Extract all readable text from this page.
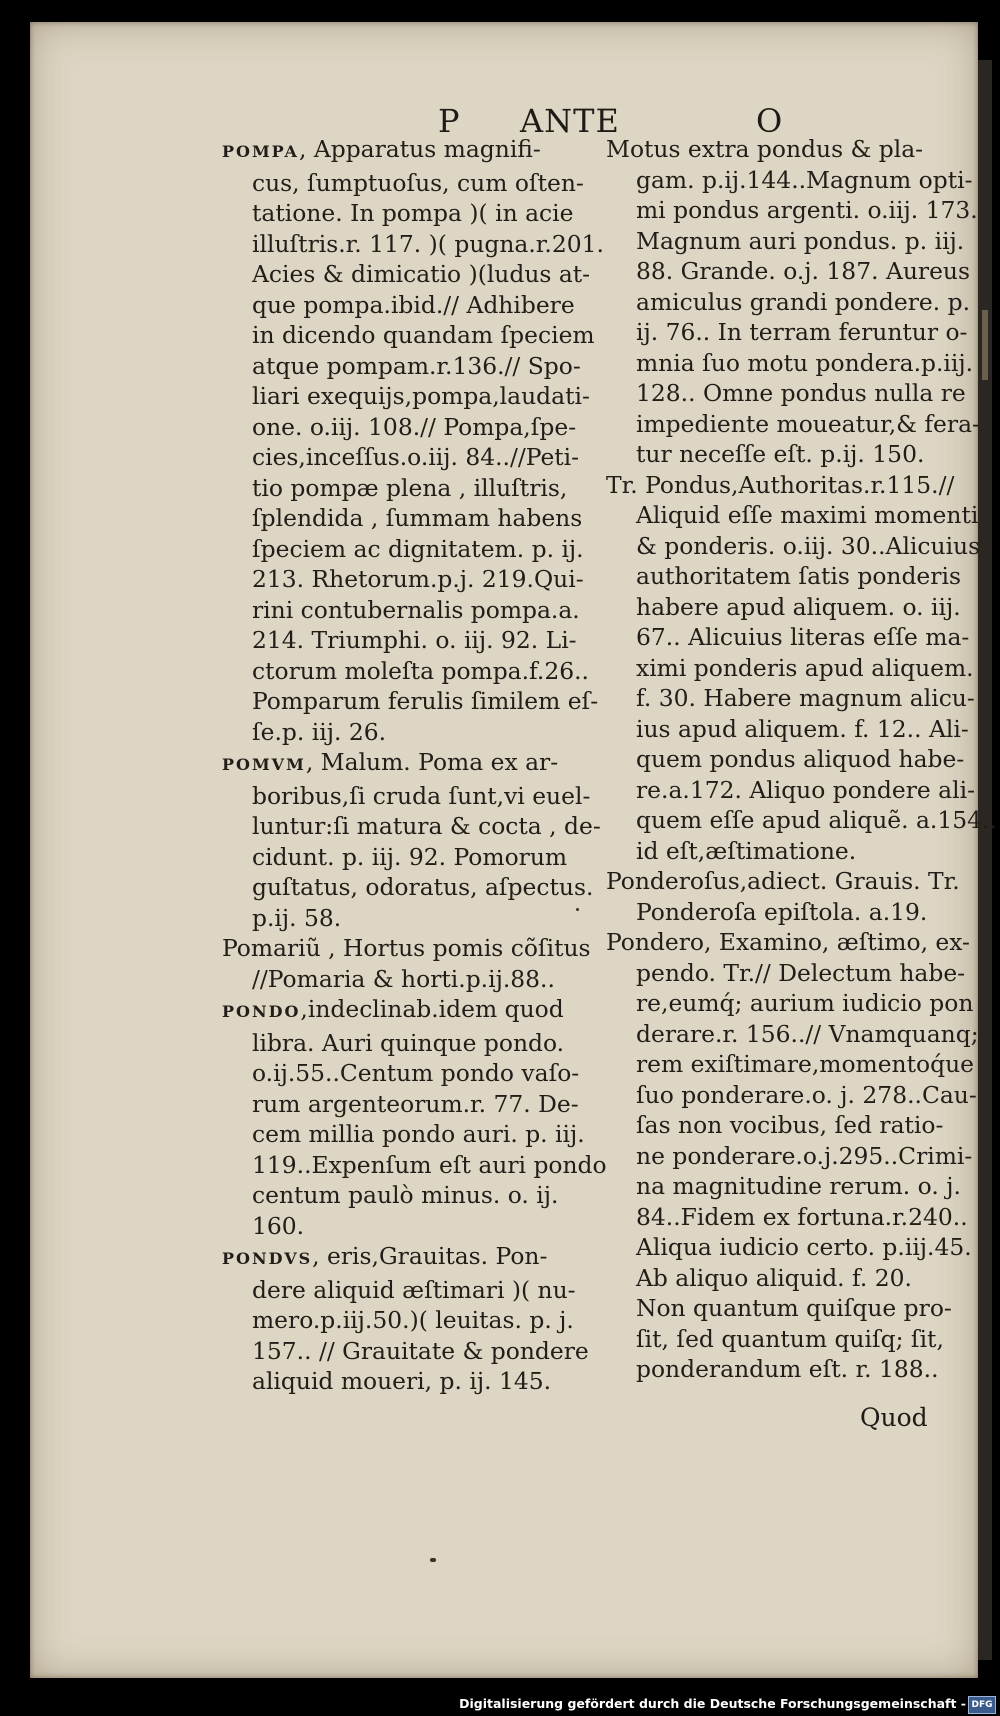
P ANTE	O
POMPA, Apparatus magnifi-
cus, ſumptuoſus, cum oſten-
tatione. In pompa )( in acie
illuſtris.r. 117. )( pugna.r.201.
Acies & dimicatio )(ludus at-
que pompa.ibid.// Adhibere
in dicendo quandam ſpeciem
atque pompam.r.136.// Spo-
liari exequijs,pompa,laudati-
one. o.iij. 108.// Pompa,ſpe-
cies,inceſſus.o.iij. 84..//Peti-
tio pompæ plena , illuſtris,
ſplendida , ſummam habens
ſpeciem ac dignitatem. p. ij.
213. Rhetorum.p.j. 219.Qui-
rini contubernalis pompa.a.
214. Triumphi. o. iij. 92. Li-
ctorum moleſta pompa.f.26..
Pomparum ferulis ſimilem eſ-
ſe.p. iij. 26.
POMVM, Malum. Poma ex ar-
boribus,ſi cruda ſunt,vi euel-
luntur:ſi matura & cocta , de-
cidunt. p. iij. 92. Pomorum
guſtatus, odoratus, aſpectus.
p.ij. 58.
Pomariũ , Hortus pomis cõſitus
//Pomaria & horti.p.ij.88..
PONDO,indeclinab.idem quod
libra. Auri quinque pondo.
o.ij.55..Centum pondo vaſo-
rum argenteorum.r. 77. De-
cem millia pondo auri. p. iij.
119..Expenſum eſt auri pondo
centum paulò minus. o. ij.
160.
PONDVS, eris,Grauitas. Pon-
dere aliquid æſtimari )( nu-
mero.p.iij.50.)( leuitas. p. j.
157.. // Grauitate & pondere
aliquid moueri, p. ij. 145.
Motus extra pondus & pla-
gam. p.ij.144..Magnum opti-
mi pondus argenti. o.iij. 173.
Magnum auri pondus. p. iij.
88. Grande. o.j. 187. Aureus
amiculus grandi pondere. p.
ij. 76.. In terram feruntur o-
mnia ſuo motu pondera.p.iij.
128.. Omne pondus nulla re
impediente moueatur,& fera-
tur neceſſe eſt. p.ij. 150.
Tr. Pondus,Authoritas.r.115.//
Aliquid eſſe maximi momenti
& ponderis. o.iij. 30..Alicuius
authoritatem ſatis ponderis
habere apud aliquem. o. iij.
67.. Alicuius literas eſſe ma-
ximi ponderis apud aliquem.
f. 30. Habere magnum alicu-
ius apud aliquem. f. 12.. Ali-
quem pondus aliquod habe-
re.a.172. Aliquo pondere ali-
quem eſſe apud aliquẽ. a.154..
id eſt,æſtimatione.
Ponderoſus,adiect. Grauis. Tr.
Ponderoſa epiſtola. a.19.
Pondero, Examino, æſtimo, ex-
pendo. Tr.// Delectum habe-
re,eumq́; aurium iudicio pon
derare.r. 156..// Vnamquanq;
rem exiſtimare,momentoq́ue
ſuo ponderare.o. j. 278..Cau-
ſas non vocibus, ſed ratio-
ne ponderare.o.j.295..Crimi-
na magnitudine rerum. o. j.
84..Fidem ex fortuna.r.240..
Aliqua iudicio certo. p.iij.45.
Ab aliquo aliquid. f. 20.
Non quantum quiſque pro-
ſit, ſed quantum quiſq; ſit,
ponderandum eſt. r. 188..
Quod
Digitalisierung gefördert durch die Deutsche Forschungsgemeinschaft - DFG
